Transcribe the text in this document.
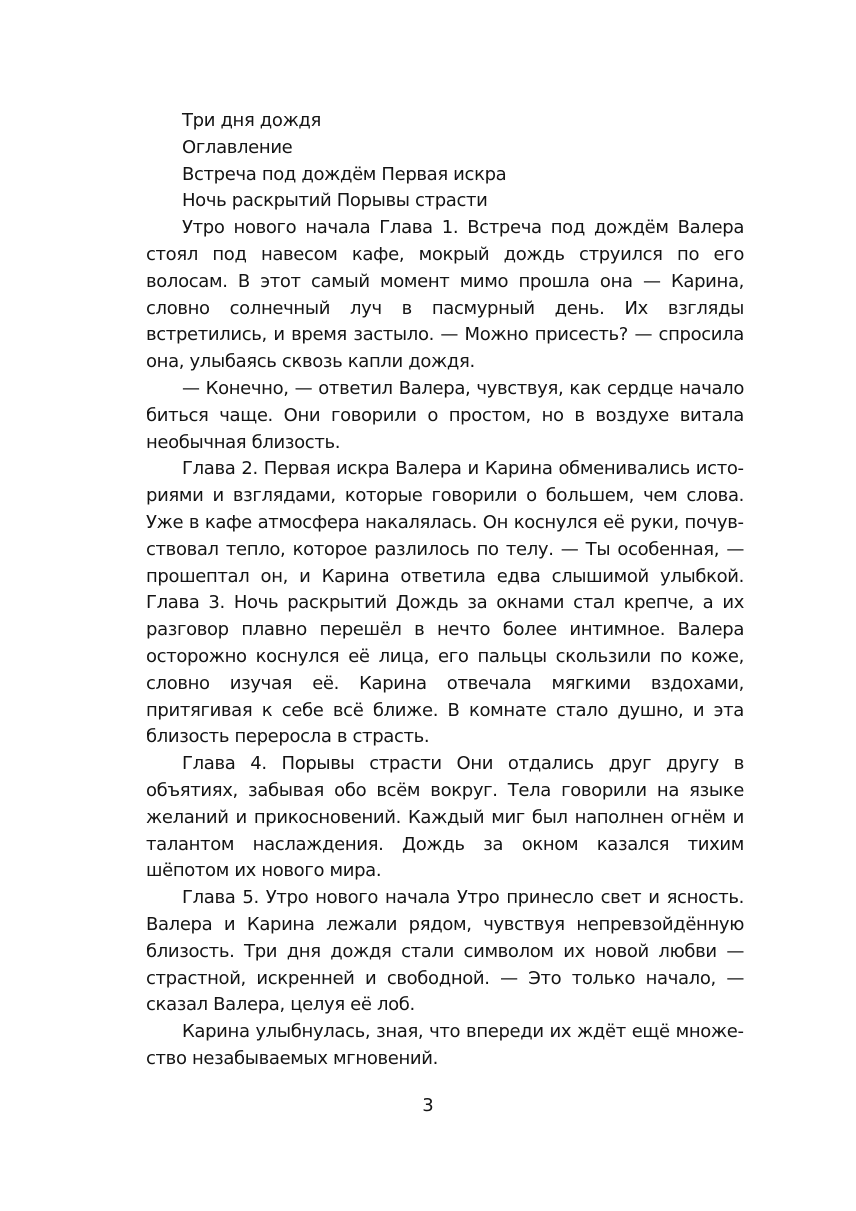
Три дня дождя

Оглавление

Встреча под дождём Первая искра

Ночь раскрытий Порывы страсти

Утро нового начала Глава 1. Встреча под дождём Валера стоял под навесом кафе, мокрый дождь струился по его волосам. В этот самый момент мимо прошла она — Карина, словно солнечный луч в пасмурный день. Их взгляды встретились, и время застыло. — Можно присесть? — спросила она, улыбаясь сквозь капли дождя.

— Конечно, — ответил Валера, чувствуя, как сердце начало биться чаще. Они говорили о простом, но в воздухе витала необычная близость.

Глава 2. Первая искра Валера и Карина обменивались историями и взглядами, которые говорили о большем, чем слова. Уже в кафе атмосфера накалялась. Он коснулся её руки, почувствовал тепло, которое разлилось по телу. — Ты особенная, — прошептал он, и Карина ответила едва слышимой улыбкой. Глава 3. Ночь раскрытий Дождь за окнами стал крепче, а их разговор плавно перешёл в нечто более интимное. Валера осторожно коснулся её лица, его пальцы скользили по коже, словно изучая её. Карина отвечала мягкими вздохами, притягивая к себе всё ближе. В комнате стало душно, и эта близость переросла в страсть.

Глава 4. Порывы страсти Они отдались друг другу в объятиях, забывая обо всём вокруг. Тела говорили на языке желаний и прикосновений. Каждый миг был наполнен огнём и талантом наслаждения. Дождь за окном казался тихим шёпотом их нового мира.

Глава 5. Утро нового начала Утро принесло свет и ясность. Валера и Карина лежали рядом, чувствуя непревзойдённую близость. Три дня дождя стали символом их новой любви — страстной, искренней и свободной. — Это только начало, — сказал Валера, целуя её лоб.

Карина улыбнулась, зная, что впереди их ждёт ещё множество незабываемых мгновений.

3
